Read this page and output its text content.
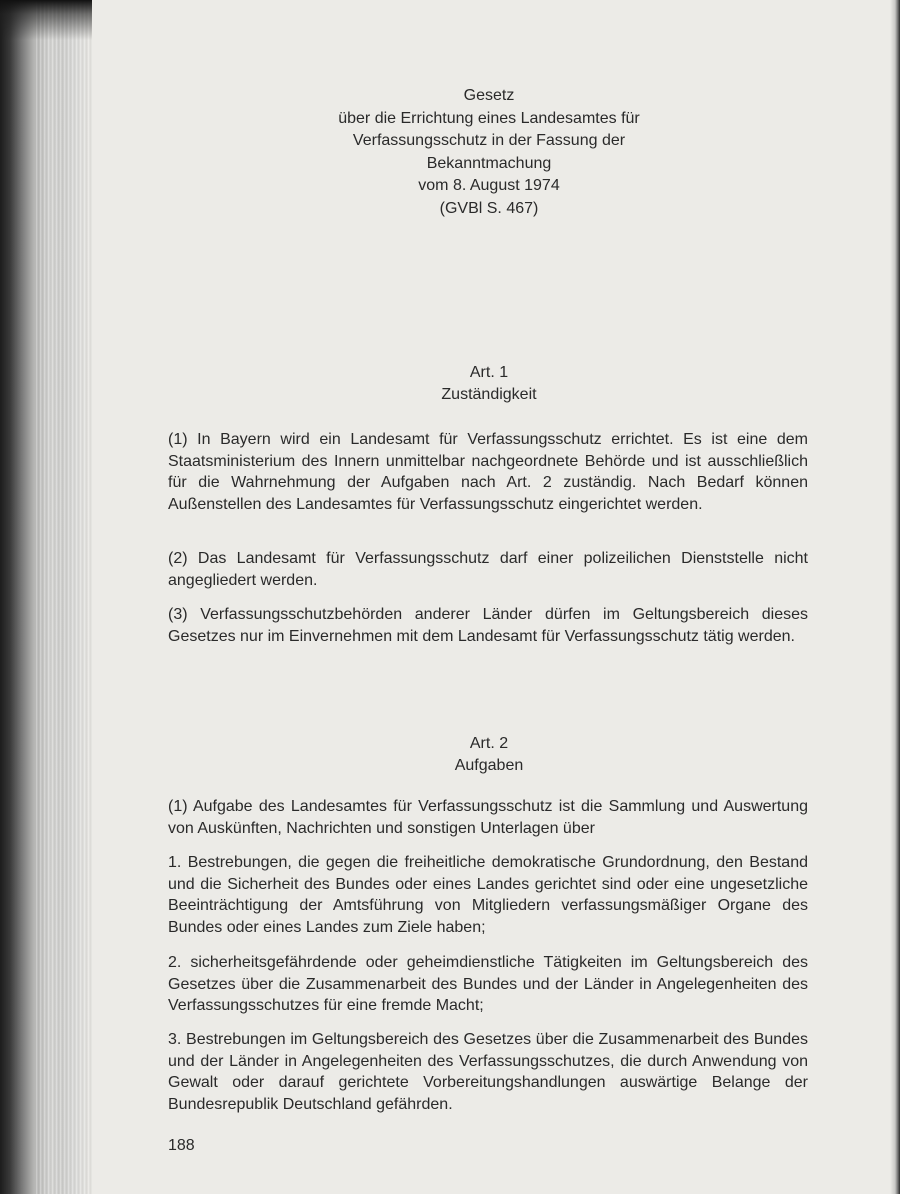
Gesetz
über die Errichtung eines Landesamtes für
Verfassungsschutz in der Fassung der
Bekanntmachung
vom 8. August 1974
(GVBl S. 467)
Art. 1
Zuständigkeit

(1) In Bayern wird ein Landesamt für Verfassungsschutz errichtet. Es ist eine dem Staatsministerium des Innern unmittelbar nachgeordnete Behörde und ist ausschließlich für die Wahrnehmung der Aufgaben nach Art. 2 zuständig. Nach Bedarf können Außenstellen des Landesamtes für Verfassungsschutz eingerichtet werden.

(2) Das Landesamt für Verfassungsschutz darf einer polizeilichen Dienststelle nicht angegliedert werden.

(3) Verfassungsschutzbehörden anderer Länder dürfen im Geltungsbereich dieses Gesetzes nur im Einvernehmen mit dem Landesamt für Verfassungsschutz tätig werden.

Art. 2
Aufgaben

(1) Aufgabe des Landesamtes für Verfassungsschutz ist die Sammlung und Auswertung von Auskünften, Nachrichten und sonstigen Unterlagen über

1. Bestrebungen, die gegen die freiheitliche demokratische Grundordnung, den Bestand und die Sicherheit des Bundes oder eines Landes gerichtet sind oder eine ungesetzliche Beeinträchtigung der Amtsführung von Mitgliedern verfassungsmäßiger Organe des Bundes oder eines Landes zum Ziele haben;

2. sicherheitsgefährdende oder geheimdienstliche Tätigkeiten im Geltungsbereich des Gesetzes über die Zusammenarbeit des Bundes und der Länder in Angelegenheiten des Verfassungsschutzes für eine fremde Macht;

3. Bestrebungen im Geltungsbereich des Gesetzes über die Zusammenarbeit des Bundes und der Länder in Angelegenheiten des Verfassungsschutzes, die durch Anwendung von Gewalt oder darauf gerichtete Vorbereitungshandlungen auswärtige Belange der Bundesrepublik Deutschland gefährden.

188
